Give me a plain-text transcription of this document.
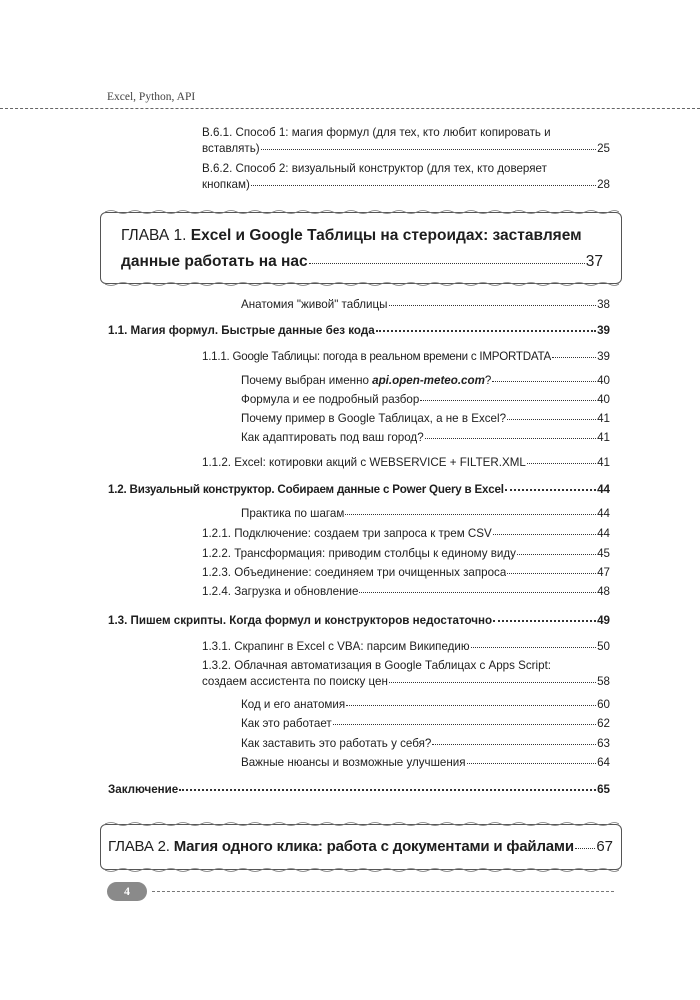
Excel, Python, API
В.6.1. Способ 1: магия формул (для тех, кто любит копировать и
вставлять)	25
В.6.2. Способ 2: визуальный конструктор (для тех, кто доверяет
кнопкам)	28
ГЛАВА 1. Excel и Google Таблицы на стероидах: заставляем
данные работать на нас	37
Анатомия "живой" таблицы	38
1.1. Магия формул. Быстрые данные без кода	39
1.1.1. Google Таблицы: погода в реальном времени с IMPORTDATA	39
Почему выбран именно api.open-meteo.com?	40
Формула и ее подробный разбор	40
Почему пример в Google Таблицах, а не в Excel?	41
Как адаптировать под ваш город?	41
1.1.2. Excel: котировки акций с WEBSERVICE + FILTER.XML	41
1.2. Визуальный конструктор. Собираем данные с Power Query в Excel	44
Практика по шагам	44
1.2.1. Подключение: создаем три запроса к трем CSV	44
1.2.2. Трансформация: приводим столбцы к единому виду	45
1.2.3. Объединение: соединяем три очищенных запроса	47
1.2.4. Загрузка и обновление	48
1.3. Пишем скрипты. Когда формул и конструкторов недостаточно	49
1.3.1. Скрапинг в Excel с VBA: парсим Википедию	50
1.3.2. Облачная автоматизация в Google Таблицах с Apps Script:
создаем ассистента по поиску цен	58
Код и его анатомия	60
Как это работает	62
Как заставить это работать у себя?	63
Важные нюансы и возможные улучшения	64
Заключение	65
ГЛАВА 2. Магия одного клика: работа с документами и файлами 67
4
